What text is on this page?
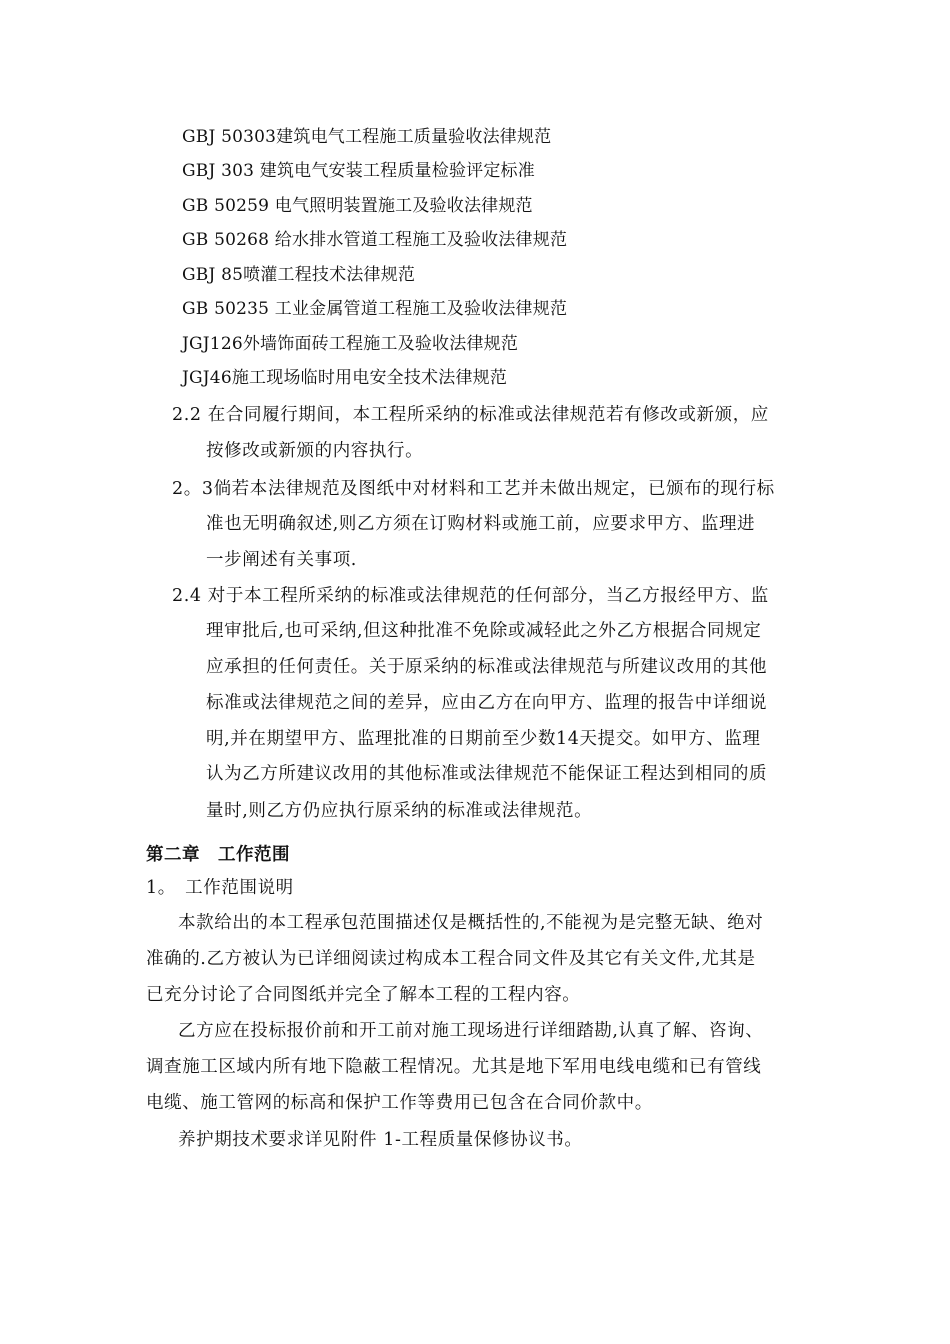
GBJ 50303建筑电气工程施工质量验收法律规范
GBJ 303 建筑电气安装工程质量检验评定标准
GB 50259 电气照明装置施工及验收法律规范
GB 50268 给水排水管道工程施工及验收法律规范
GBJ 85喷灌工程技术法律规范
GB 50235 工业金属管道工程施工及验收法律规范
JGJ126外墙饰面砖工程施工及验收法律规范
JGJ46施工现场临时用电安全技术法律规范
2.2 在合同履行期间，本工程所采纳的标准或法律规范若有修改或新颁，应
按修改或新颁的内容执行。
2。3倘若本法律规范及图纸中对材料和工艺并未做出规定，已颁布的现行标
准也无明确叙述,则乙方须在订购材料或施工前，应要求甲方、监理进
一步阐述有关事项.
2.4 对于本工程所采纳的标准或法律规范的任何部分，当乙方报经甲方、监
理审批后,也可采纳,但这种批准不免除或减轻此之外乙方根据合同规定
应承担的任何责任。关于原采纳的标准或法律规范与所建议改用的其他
标准或法律规范之间的差异，应由乙方在向甲方、监理的报告中详细说
明,并在期望甲方、监理批准的日期前至少数14天提交。如甲方、监理
认为乙方所建议改用的其他标准或法律规范不能保证工程达到相同的质
量时,则乙方仍应执行原采纳的标准或法律规范。
第二章　工作范围
1。　工作范围说明
本款给出的本工程承包范围描述仅是概括性的,不能视为是完整无缺、绝对
准确的.乙方被认为已详细阅读过构成本工程合同文件及其它有关文件,尤其是
已充分讨论了合同图纸并完全了解本工程的工程内容。
乙方应在投标报价前和开工前对施工现场进行详细踏勘,认真了解、咨询、
调查施工区域内所有地下隐蔽工程情况。尤其是地下军用电线电缆和已有管线
电缆、施工管网的标高和保护工作等费用已包含在合同价款中。
养护期技术要求详见附件 1-工程质量保修协议书。
